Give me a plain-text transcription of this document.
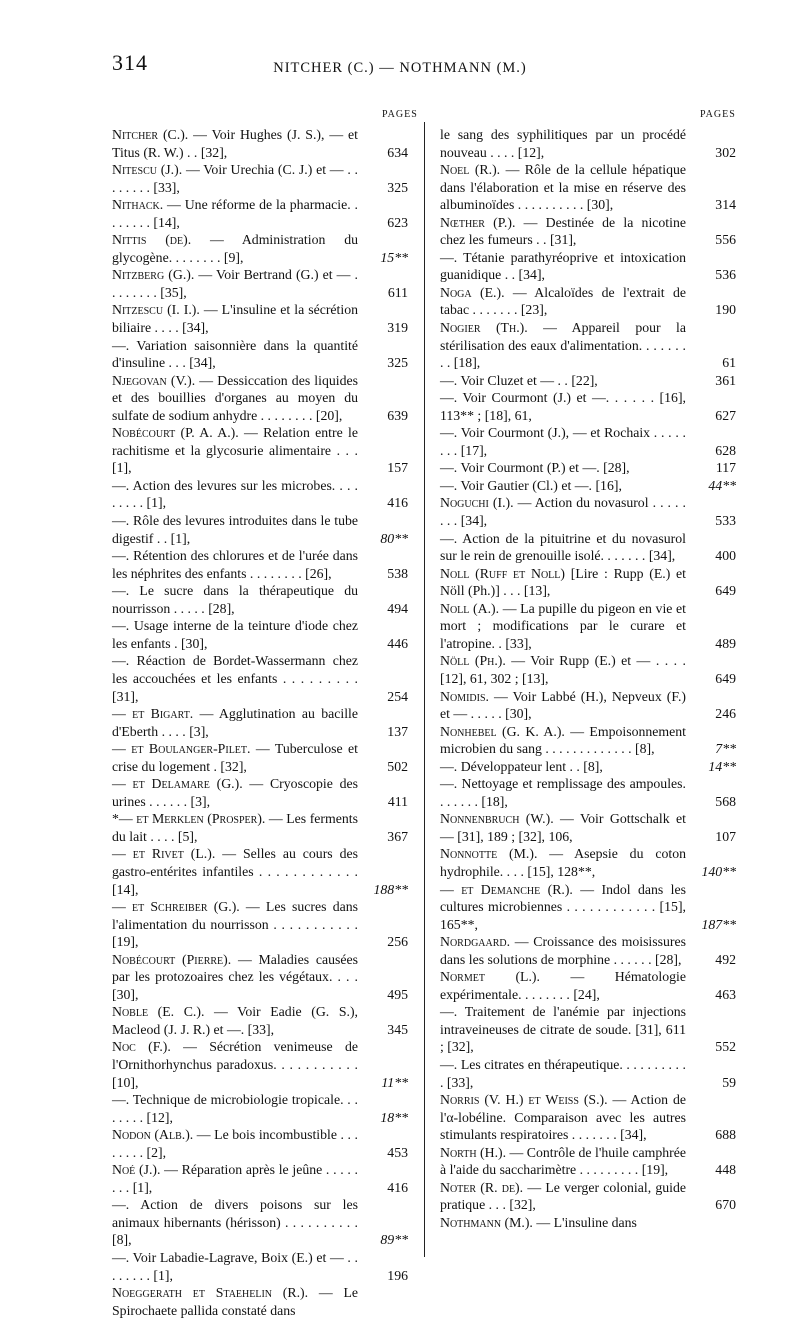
314	NITCHER (C.) — NOTHMANN (M.)
PAGES	PAGES
Nitcher (C.). — Voir Hughes (J. S.), — et Titus (R. W.) . . [32],	634
Nitescu (J.). — Voir Urechia (C. J.) et — . . . . . . . . [33],	325
Nithack. — Une réforme de la pharmacie. . . . . . . . [14],	623
Nittis (de). — Administration du glycogène. . . . . . . . [9],	15**
Nitzberg (G.). — Voir Bertrand (G.) et — . . . . . . . . [35],	611
Nitzescu (I. I.). — L'insuline et la sécrétion biliaire . . . . [34],	319
—. Variation saisonnière dans la quantité d'insuline . . . [34],	325
Njegovan (V.). — Dessiccation des liquides et des bouillies d'organes au moyen du sulfate de sodium anhydre . . . . . . . . [20],	639
Nobécourt (P. A. A.). — Relation entre le rachitisme et la glycosurie alimentaire . . . [1],	157
—. Action des levures sur les microbes. . . . . . . . . [1],	416
—. Rôle des levures introduites dans le tube digestif . . [1],	80**
—. Rétention des chlorures et de l'urée dans les néphrites des enfants . . . . . . . . [26],	538
—. Le sucre dans la thérapeutique du nourrisson . . . . . [28],	494
—. Usage interne de la teinture d'iode chez les enfants . [30],	446
—. Réaction de Bordet-Wassermann chez les accouchées et les enfants . . . . . . . . . [31],	254
— et Bigart. — Agglutination au bacille d'Eberth . . . . [3],	137
— et Boulanger-Pilet. — Tuberculose et crise du logement . [32],	502
— et Delamare (G.). — Cryoscopie des urines . . . . . . [3],	411
*— et Merklen (Prosper). — Les ferments du lait . . . . [5],	367
— et Rivet (L.). — Selles au cours des gastro-entérites infantiles . . . . . . . . . . . . [14],	188**
— et Schreiber (G.). — Les sucres dans l'alimentation du nourrisson . . . . . . . . . . . [19],	256
Nobécourt (Pierre). — Maladies causées par les protozoaires chez les végétaux. . . . [30],	495
Noble (E. C.). — Voir Eadie (G. S.), Macleod (J. J. R.) et —. [33],	345
Noc (F.). — Sécrétion venimeuse de l'Ornithorhynchus paradoxus. . . . . . . . . . . [10],	11**
—. Technique de microbiologie tropicale. . . . . . . . [12],	18**
Nodon (Alb.). — Le bois incombustible . . . . . . . . [2],	453
Noé (J.). — Réparation après le jeûne . . . . . . . . [1],	416
—. Action de divers poisons sur les animaux hibernants (hérisson) . . . . . . . . . . [8],	89**
—. Voir Labadie-Lagrave, Boix (E.) et — . . . . . . . . [1],	196
Noeggerath et Staehelin (R.). — Le Spirochaete pallida constaté dans
le sang des syphilitiques par un procédé nouveau . . . . [12],	302
Noel (R.). — Rôle de la cellule hépatique dans l'élaboration et la mise en réserve des albuminoïdes . . . . . . . . . . [30],	314
Nœther (P.). — Destinée de la nicotine chez les fumeurs . . [31],	556
—. Tétanie parathyréoprive et intoxication guanidique . . [34],	536
Noga (E.). — Alcaloïdes de l'extrait de tabac . . . . . . . [23],	190
Nogier (Th.). — Appareil pour la stérilisation des eaux d'alimentation. . . . . . . . . [18],	61
—. Voir Cluzet et — . . [22],	361
—. Voir Courmont (J.) et —. . . . . . [16], 113** ; [18], 61,	627
—. Voir Courmont (J.), — et Rochaix . . . . . . . . [17],	628
—. Voir Courmont (P.) et —. [28],	117
—. Voir Gautier (Cl.) et —. [16],	44**
Noguchi (I.). — Action du novasurol . . . . . . . . [34],	533
—. Action de la pituitrine et du novasurol sur le rein de grenouille isolé. . . . . . . [34],	400
Noll (Ruff et Noll) [Lire : Rupp (E.) et Nöll (Ph.)] . . . [13],	649
Noll (A.). — La pupille du pigeon en vie et mort ; modifications par le curare et l'atropine. . [33],	489
Nöll (Ph.). — Voir Rupp (E.) et — . . . . [12], 61, 302 ; [13],	649
Nomidis. — Voir Labbé (H.), Nepveux (F.) et — . . . . . [30],	246
Nonhebel (G. K. A.). — Empoisonnement microbien du sang . . . . . . . . . . . . . [8],	7**
—. Développateur lent . . [8],	14**
—. Nettoyage et remplissage des ampoules. . . . . . . [18],	568
Nonnenbruch (W.). — Voir Gottschalk et — [31], 189 ; [32], 106,	107
Nonnotte (M.). — Asepsie du coton hydrophile. . . . [15], 128**,	140**
— et Demanche (R.). — Indol dans les cultures microbiennes . . . . . . . . . . . . [15], 165**,	187**
Nordgaard. — Croissance des moisissures dans les solutions de morphine . . . . . . [28],	492
Normet (L.). — Hématologie expérimentale. . . . . . . . [24],	463
—. Traitement de l'anémie par injections intraveineuses de citrate de soude. [31], 611 ; [32],	552
—. Les citrates en thérapeutique. . . . . . . . . . . [33],	59
Norris (V. H.) et Weiss (S.). — Action de l'α-lobéline. Comparaison avec les autres stimulants respiratoires . . . . . . . [34],	688
North (H.). — Contrôle de l'huile camphrée à l'aide du saccharimètre . . . . . . . . . [19],	448
Noter (R. de). — Le verger colonial, guide pratique . . . [32],	670
Nothmann (M.). — L'insuline dans
